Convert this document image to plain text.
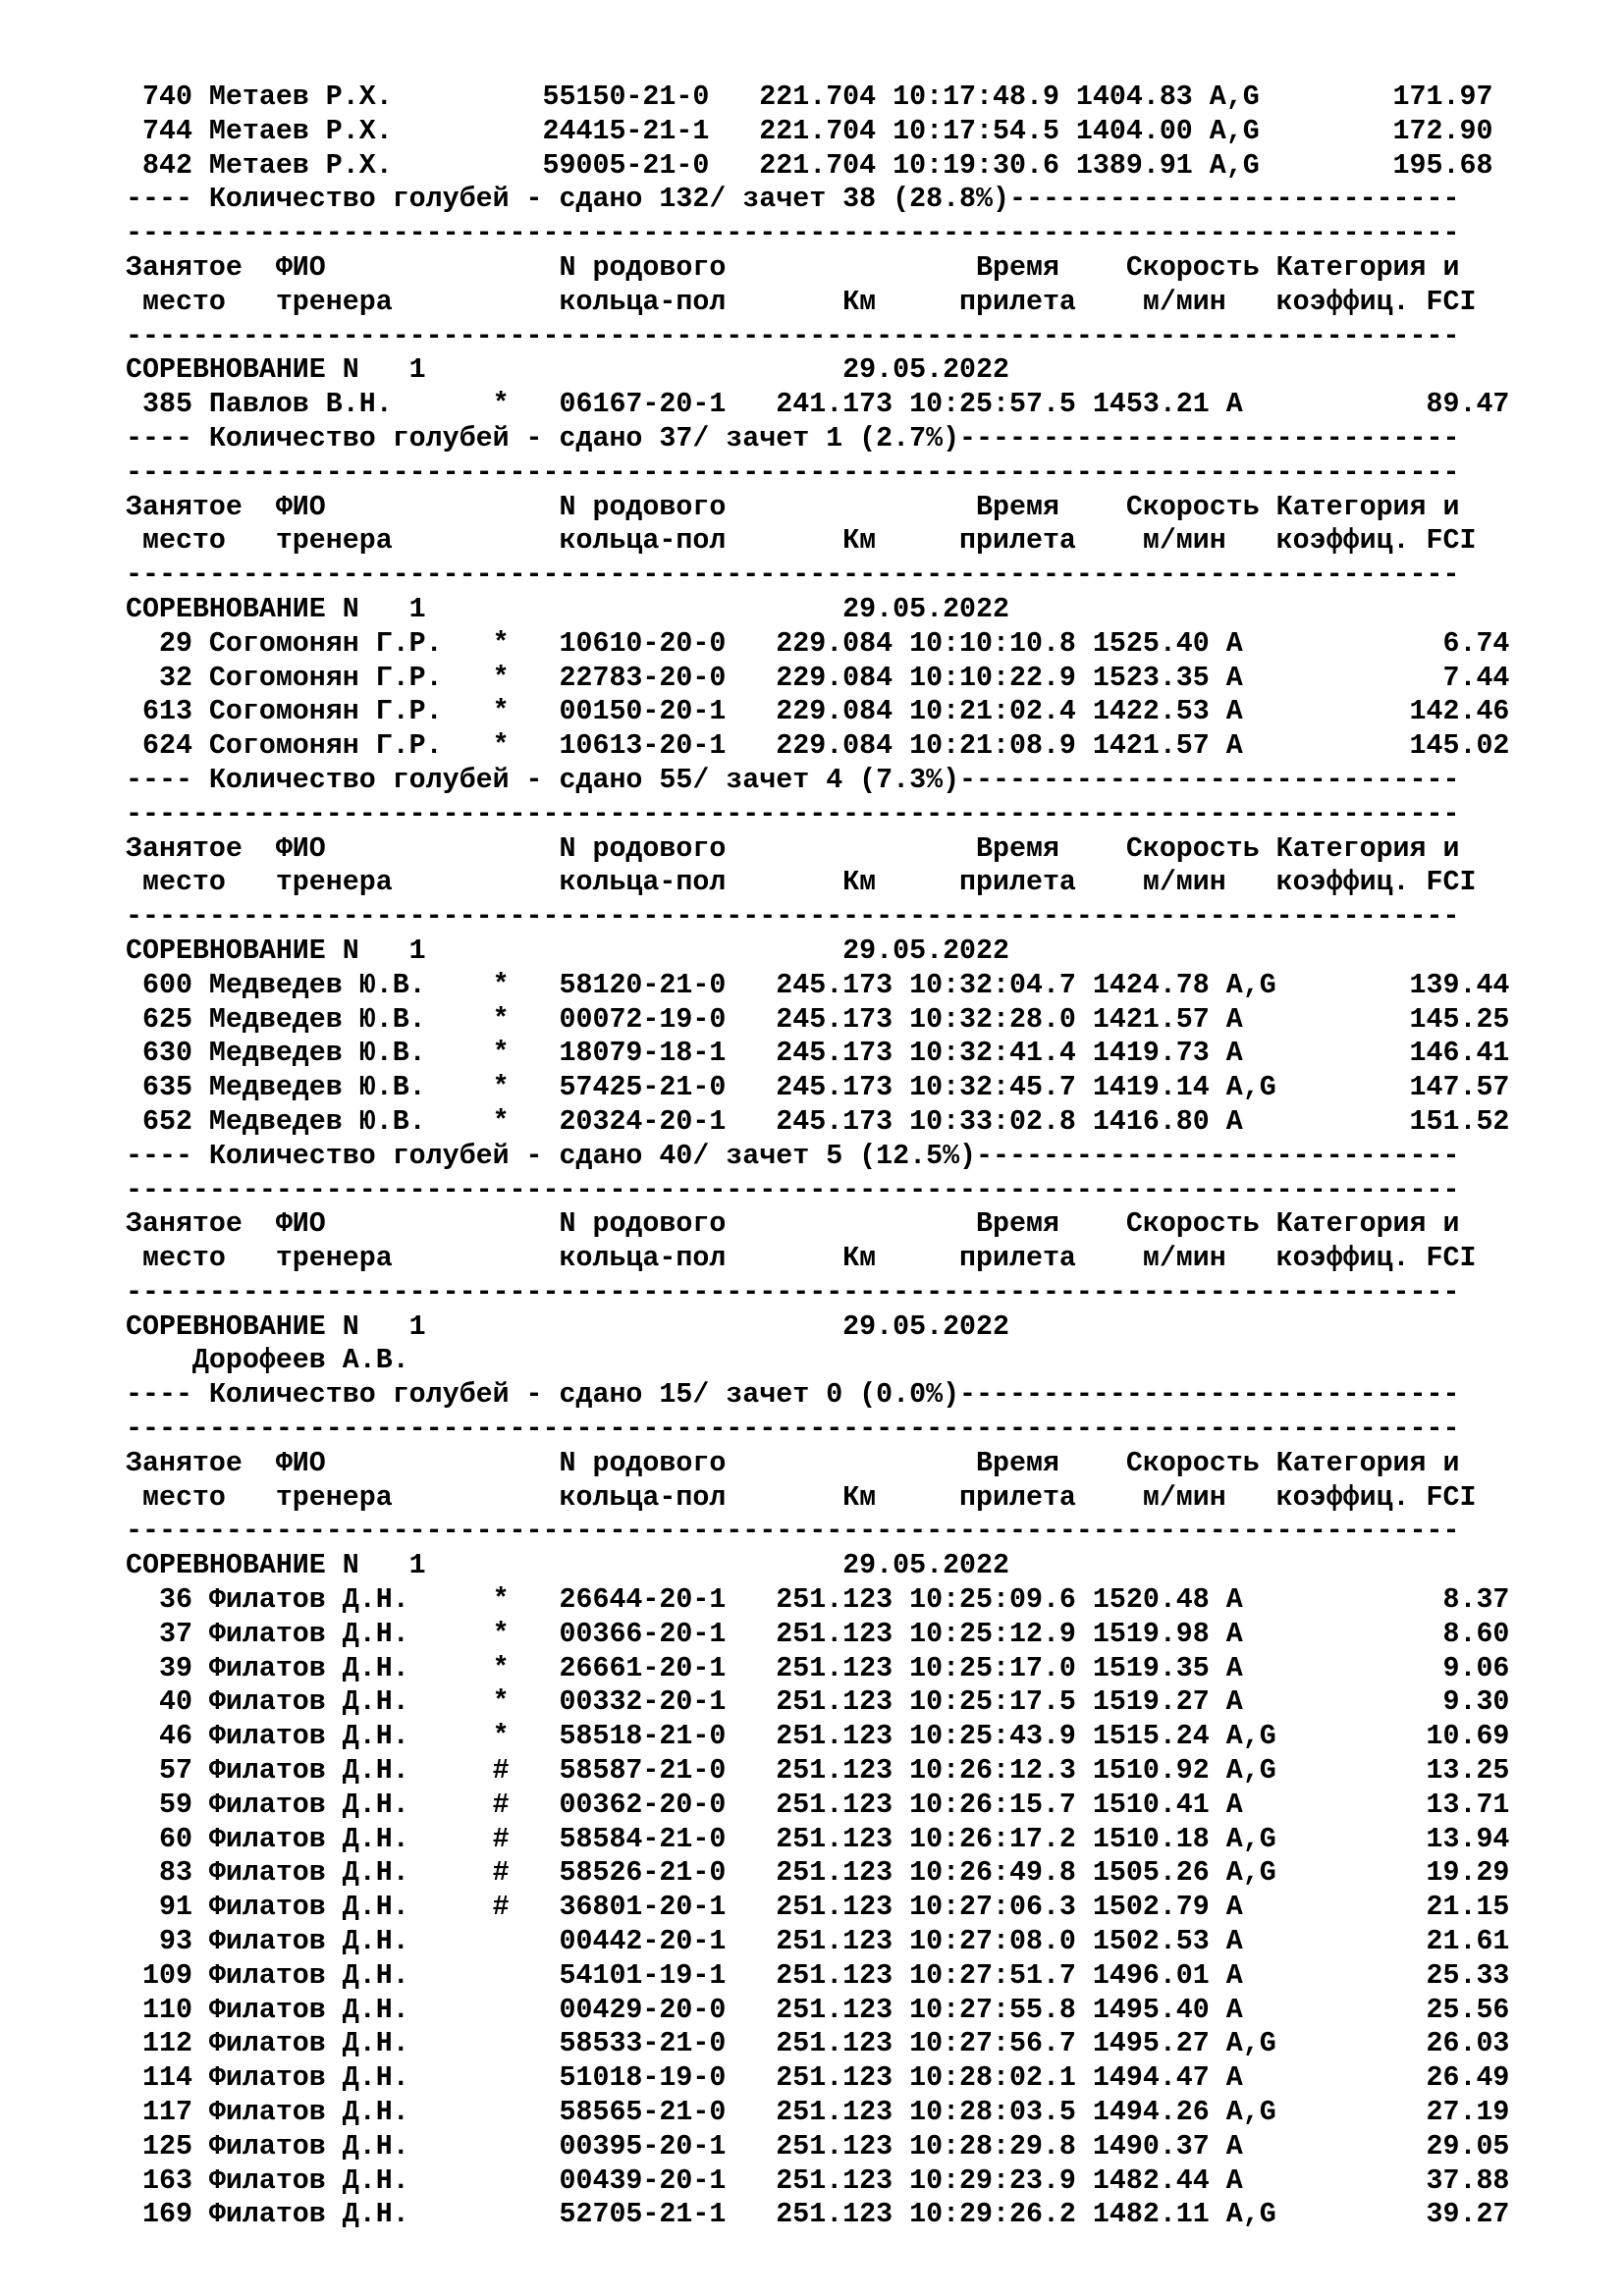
740 Метаев Р.Х.         55150-21-0   221.704 10:17:48.9 1404.83 A,G        171.97
744 Метаев Р.Х.         24415-21-1   221.704 10:17:54.5 1404.00 A,G        172.90
842 Метаев Р.Х.         59005-21-0   221.704 10:19:30.6 1389.91 A,G        195.68
---- Количество голубей - сдано 132/ зачет 38 (28.8%)---------------------------
--------------------------------------------------------------------------------
Занятое  ФИО              N родового               Время    Скорость Категория и
место   тренера          кольца-пол       Км     прилета    м/мин   коэффиц. FCI
--------------------------------------------------------------------------------
СОРЕВНОВАНИЕ N   1                         29.05.2022
385 Павлов В.Н.      *   06167-20-1   241.173 10:25:57.5 1453.21 A           89.47
---- Количество голубей - сдано 37/ зачет 1 (2.7%)------------------------------
--------------------------------------------------------------------------------
Занятое  ФИО              N родового               Время    Скорость Категория и
место   тренера          кольца-пол       Км     прилета    м/мин   коэффиц. FCI
--------------------------------------------------------------------------------
СОРЕВНОВАНИЕ N   1                         29.05.2022
29 Согомонян Г.Р.   *   10610-20-0   229.084 10:10:10.8 1525.40 A            6.74
32 Согомонян Г.Р.   *   22783-20-0   229.084 10:10:22.9 1523.35 A            7.44
613 Согомонян Г.Р.   *   00150-20-1   229.084 10:21:02.4 1422.53 A          142.46
624 Согомонян Г.Р.   *   10613-20-1   229.084 10:21:08.9 1421.57 A          145.02
---- Количество голубей - сдано 55/ зачет 4 (7.3%)------------------------------
--------------------------------------------------------------------------------
Занятое  ФИО              N родового               Время    Скорость Категория и
место   тренера          кольца-пол       Км     прилета    м/мин   коэффиц. FCI
--------------------------------------------------------------------------------
СОРЕВНОВАНИЕ N   1                         29.05.2022
600 Медведев Ю.В.    *   58120-21-0   245.173 10:32:04.7 1424.78 A,G        139.44
625 Медведев Ю.В.    *   00072-19-0   245.173 10:32:28.0 1421.57 A          145.25
630 Медведев Ю.В.    *   18079-18-1   245.173 10:32:41.4 1419.73 A          146.41
635 Медведев Ю.В.    *   57425-21-0   245.173 10:32:45.7 1419.14 A,G        147.57
652 Медведев Ю.В.    *   20324-20-1   245.173 10:33:02.8 1416.80 A          151.52
---- Количество голубей - сдано 40/ зачет 5 (12.5%)-----------------------------
--------------------------------------------------------------------------------
Занятое  ФИО              N родового               Время    Скорость Категория и
место   тренера          кольца-пол       Км     прилета    м/мин   коэффиц. FCI
--------------------------------------------------------------------------------
СОРЕВНОВАНИЕ N   1                         29.05.2022
Дорофеев А.В.
---- Количество голубей - сдано 15/ зачет 0 (0.0%)------------------------------
--------------------------------------------------------------------------------
Занятое  ФИО              N родового               Время    Скорость Категория и
место   тренера          кольца-пол       Км     прилета    м/мин   коэффиц. FCI
--------------------------------------------------------------------------------
СОРЕВНОВАНИЕ N   1                         29.05.2022
36 Филатов Д.Н.     *   26644-20-1   251.123 10:25:09.6 1520.48 A            8.37
37 Филатов Д.Н.     *   00366-20-1   251.123 10:25:12.9 1519.98 A            8.60
39 Филатов Д.Н.     *   26661-20-1   251.123 10:25:17.0 1519.35 A            9.06
40 Филатов Д.Н.     *   00332-20-1   251.123 10:25:17.5 1519.27 A            9.30
46 Филатов Д.Н.     *   58518-21-0   251.123 10:25:43.9 1515.24 A,G         10.69
57 Филатов Д.Н.     #   58587-21-0   251.123 10:26:12.3 1510.92 A,G         13.25
59 Филатов Д.Н.     #   00362-20-0   251.123 10:26:15.7 1510.41 A           13.71
60 Филатов Д.Н.     #   58584-21-0   251.123 10:26:17.2 1510.18 A,G         13.94
83 Филатов Д.Н.     #   58526-21-0   251.123 10:26:49.8 1505.26 A,G         19.29
91 Филатов Д.Н.     #   36801-20-1   251.123 10:27:06.3 1502.79 A           21.15
93 Филатов Д.Н.         00442-20-1   251.123 10:27:08.0 1502.53 A           21.61
109 Филатов Д.Н.         54101-19-1   251.123 10:27:51.7 1496.01 A           25.33
110 Филатов Д.Н.         00429-20-0   251.123 10:27:55.8 1495.40 A           25.56
112 Филатов Д.Н.         58533-21-0   251.123 10:27:56.7 1495.27 A,G         26.03
114 Филатов Д.Н.         51018-19-0   251.123 10:28:02.1 1494.47 A           26.49
117 Филатов Д.Н.         58565-21-0   251.123 10:28:03.5 1494.26 A,G         27.19
125 Филатов Д.Н.         00395-20-1   251.123 10:28:29.8 1490.37 A           29.05
163 Филатов Д.Н.         00439-20-1   251.123 10:29:23.9 1482.44 A           37.88
169 Филатов Д.Н.         52705-21-1   251.123 10:29:26.2 1482.11 A,G         39.27
